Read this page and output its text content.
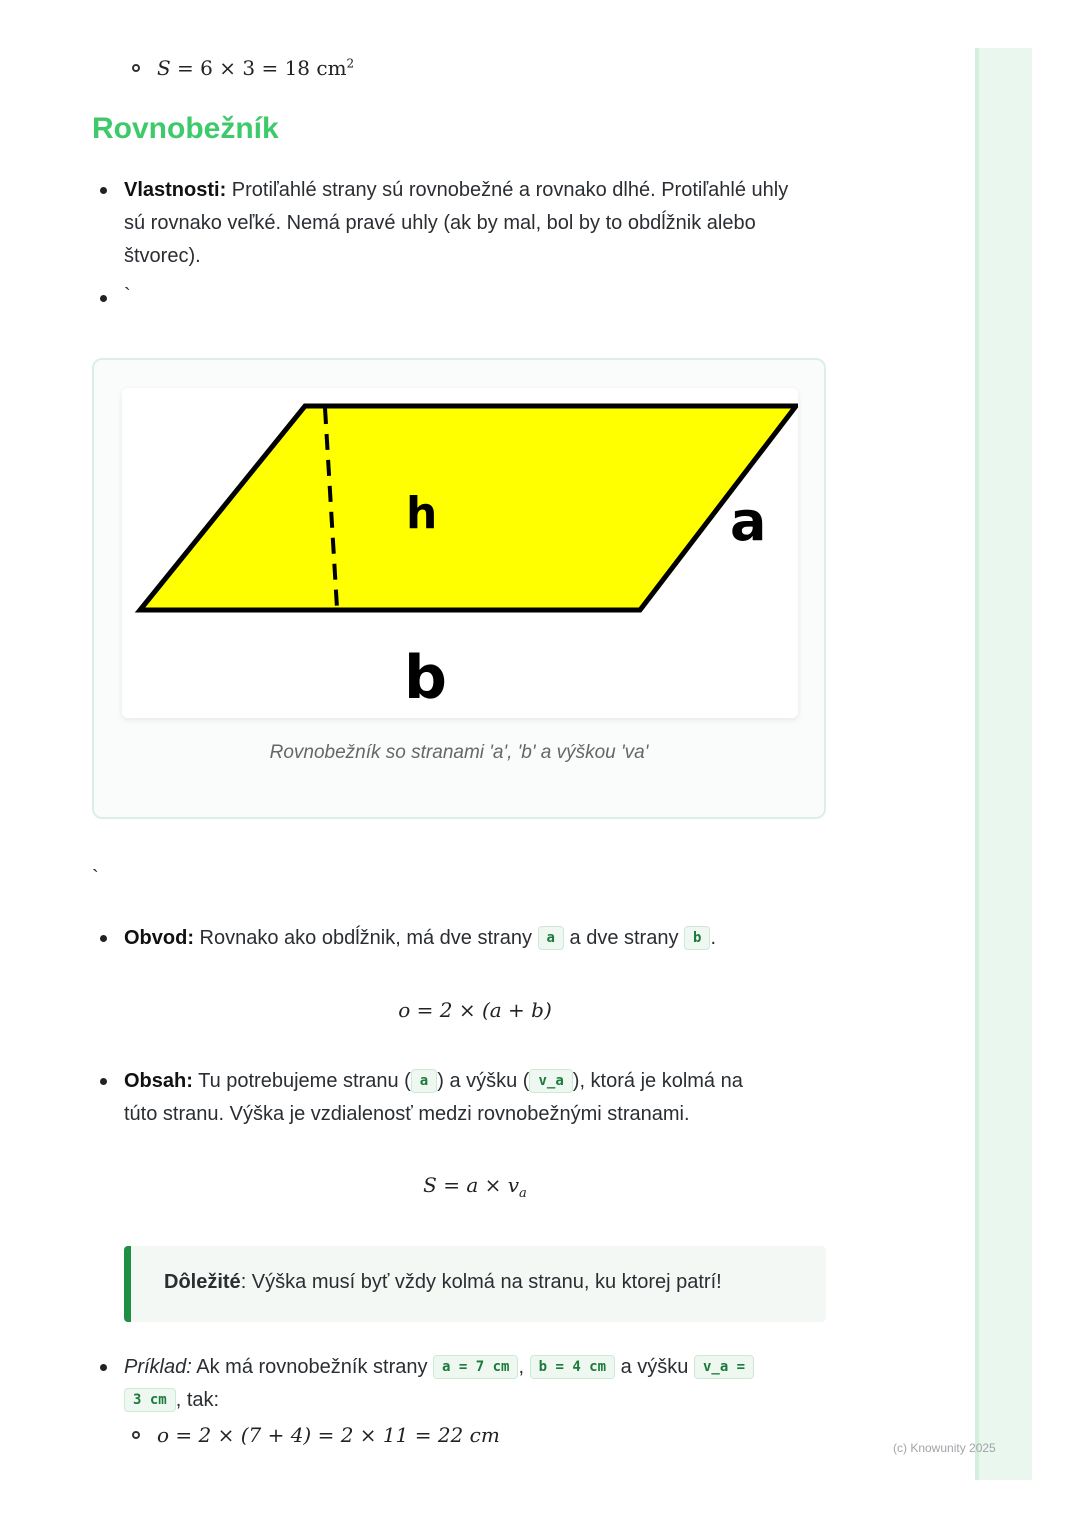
(c) Knowunity 2025
S = 6 × 3 = 18 $cm^2$
Rovnobežník
Vlastnosti: Protiľahlé strany sú rovnobežné a rovnako dlhé. Protiľahlé uhly
sú rovnako veľké. Nemá pravé uhly (ak by mal, bol by to obdĺžnik alebo
štvorec).
`
h	a
b
Rovnobežník so stranami 'a', 'b' a výškou 'va'
`
Obvod: Rovnako ako obdĺžnik, má dve strany a a dve strany b .
o = 2 × (a + b)
Obsah: Tu potrebujeme stranu ( a ) a výšku ( v_a ), ktorá je kolmá na
túto stranu. Výška je vzdialenosť medzi rovnobežnými stranami.
$S = a \times v_a$
Dôležité: Výška musí byť vždy kolmá na stranu, ku ktorej patrí!
Príklad: Ak má rovnobežník strany a = 7 cm , b = 4 cm a výšku v_a =
3 cm , tak:
o = 2 × (7 + 4) = 2 × 11 = 22 cm
